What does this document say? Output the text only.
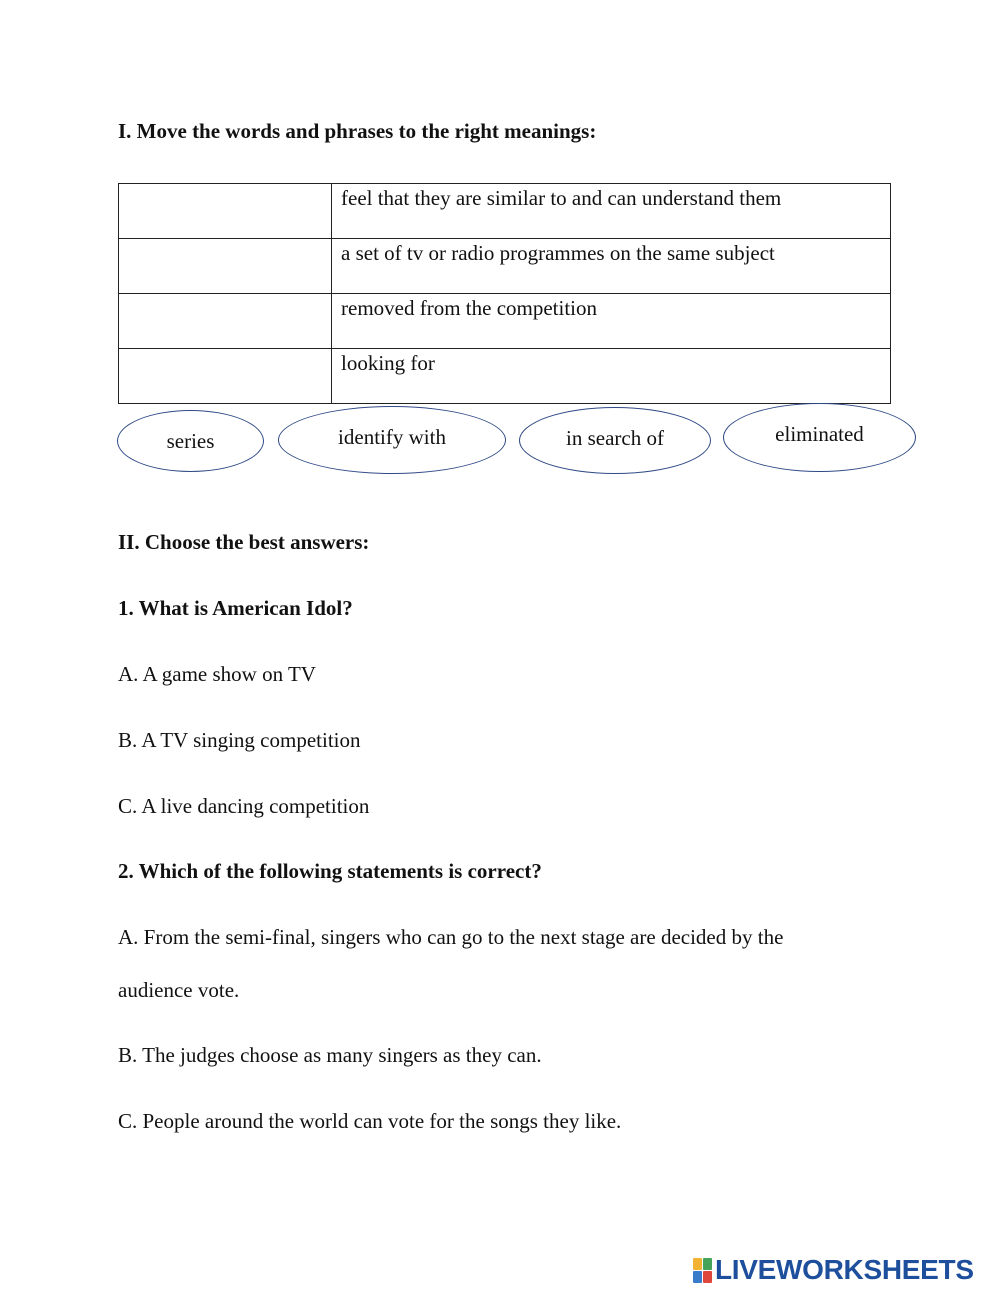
I. Move the words and phrases to the right meanings:
	feel that they are similar to and can understand them
	a set of tv or radio programmes on the same subject
	removed from the competition
	looking for
series	identify with	in search of	eliminated
II. Choose the best answers:
1. What is American Idol?
A. A game show on TV
B. A TV singing competition
C. A live dancing competition
2. Which of the following statements is correct?
A. From the semi-final, singers who can go to the next stage are decided by the
audience vote.
B. The judges choose as many singers as they can.
C. People around the world can vote for the songs they like.
LIVEWORKSHEETS
